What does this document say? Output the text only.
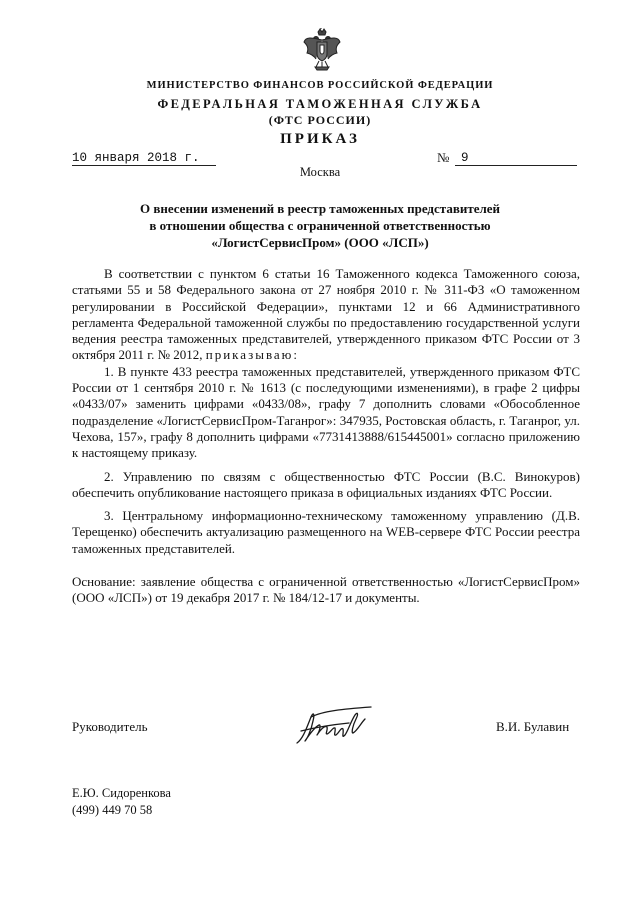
МИНИСТЕРСТВО ФИНАНСОВ РОССИЙСКОЙ ФЕДЕРАЦИИ
ФЕДЕРАЛЬНАЯ ТАМОЖЕННАЯ СЛУЖБА
(ФТС РОССИИ)
ПРИКАЗ
10 января 2018 г.	№ 9
Москва
О внесении изменений в реестр таможенных представителей
в отношении общества с ограниченной ответственностью
«ЛогистСервисПром» (ООО «ЛСП»)

В соответствии с пунктом 6 статьи 16 Таможенного кодекса Таможенного союза, статьями 55 и 58 Федерального закона от 27 ноября 2010 г. № 311-ФЗ «О таможенном регулировании в Российской Федерации», пунктами 12 и 66 Административного регламента Федеральной таможенной службы по предоставлению государственной услуги ведения реестра таможенных представителей, утвержденного приказом ФТС России от 3 октября 2011 г. № 2012, приказываю:

1. В пункте 433 реестра таможенных представителей, утвержденного приказом ФТС России от 1 сентября 2010 г. № 1613 (с последующими изменениями), в графе 2 цифры «0433/07» заменить цифрами «0433/08», графу 7 дополнить словами «Обособленное подразделение «ЛогистСервисПром-Таганрог»: 347935, Ростовская область, г. Таганрог, ул. Чехова, 157», графу 8 дополнить цифрами «7731413888/615445001» согласно приложению к настоящему приказу.

2. Управлению по связям с общественностью ФТС России (В.С. Винокуров) обеспечить опубликование настоящего приказа в официальных изданиях ФТС России.

3. Центральному информационно-техническому таможенному управлению (Д.В. Терещенко) обеспечить актуализацию размещенного на WEB-сервере ФТС России реестра таможенных представителей.

Основание: заявление общества с ограниченной ответственностью «ЛогистСервисПром» (ООО «ЛСП») от 19 декабря 2017 г. № 184/12-17 и документы.

Руководитель	В.И. Булавин
Е.Ю. Сидоренкова
(499) 449 70 58
